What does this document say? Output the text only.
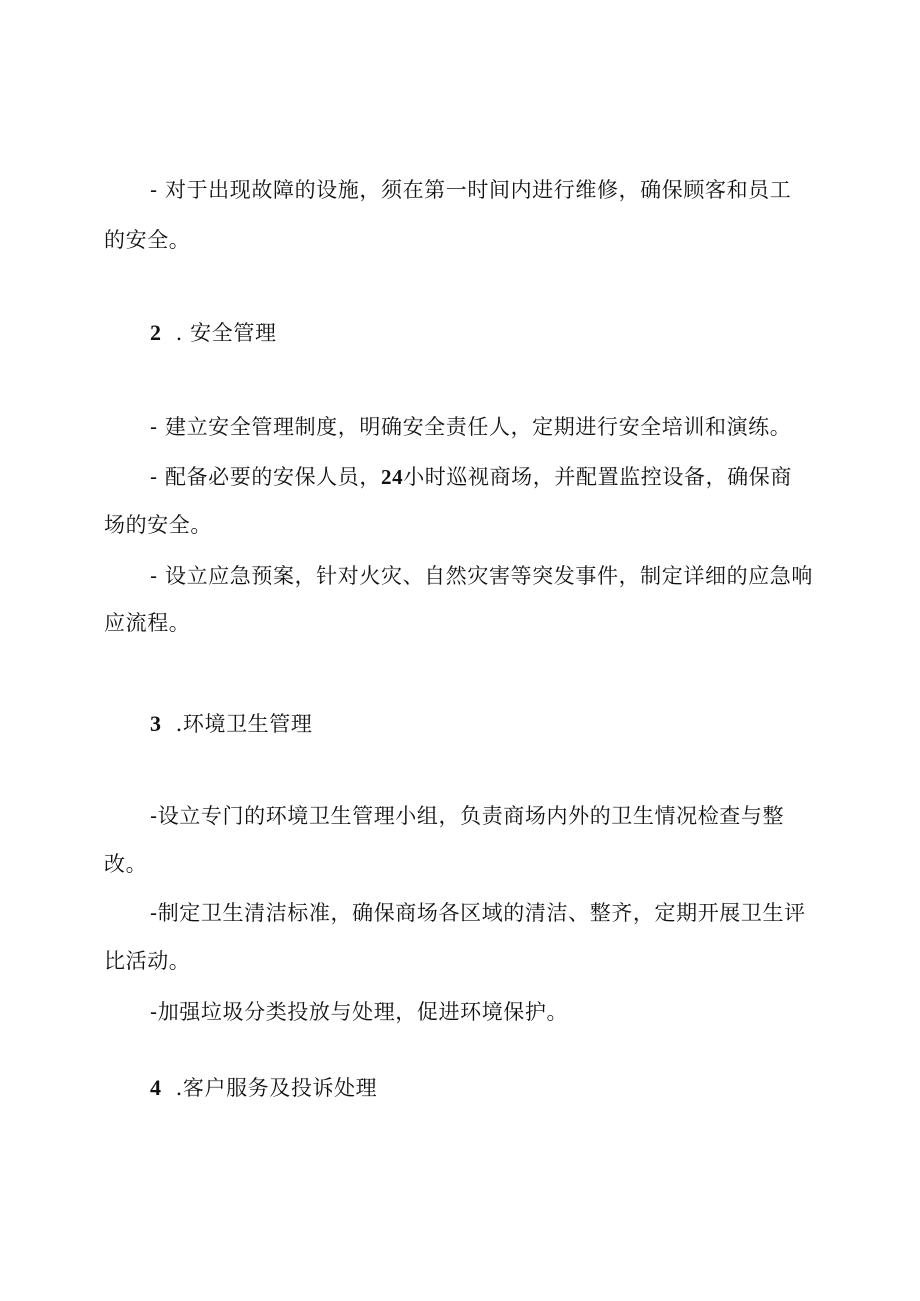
- 对于出现故障的设施，须在第一时间内进行维修，确保顾客和员工
的安全。
2 . 安全管理
- 建立安全管理制度，明确安全责任人，定期进行安全培训和演练。
- 配备必要的安保人员，24小时巡视商场，并配置监控设备，确保商
场的安全。
- 设立应急预案，针对火灾、自然灾害等突发事件，制定详细的应急响
应流程。
3 .环境卫生管理
-设立专门的环境卫生管理小组，负责商场内外的卫生情况检查与整
改。
-制定卫生清洁标准，确保商场各区域的清洁、整齐，定期开展卫生评
比活动。
-加强垃圾分类投放与处理，促进环境保护。
4 .客户服务及投诉处理
